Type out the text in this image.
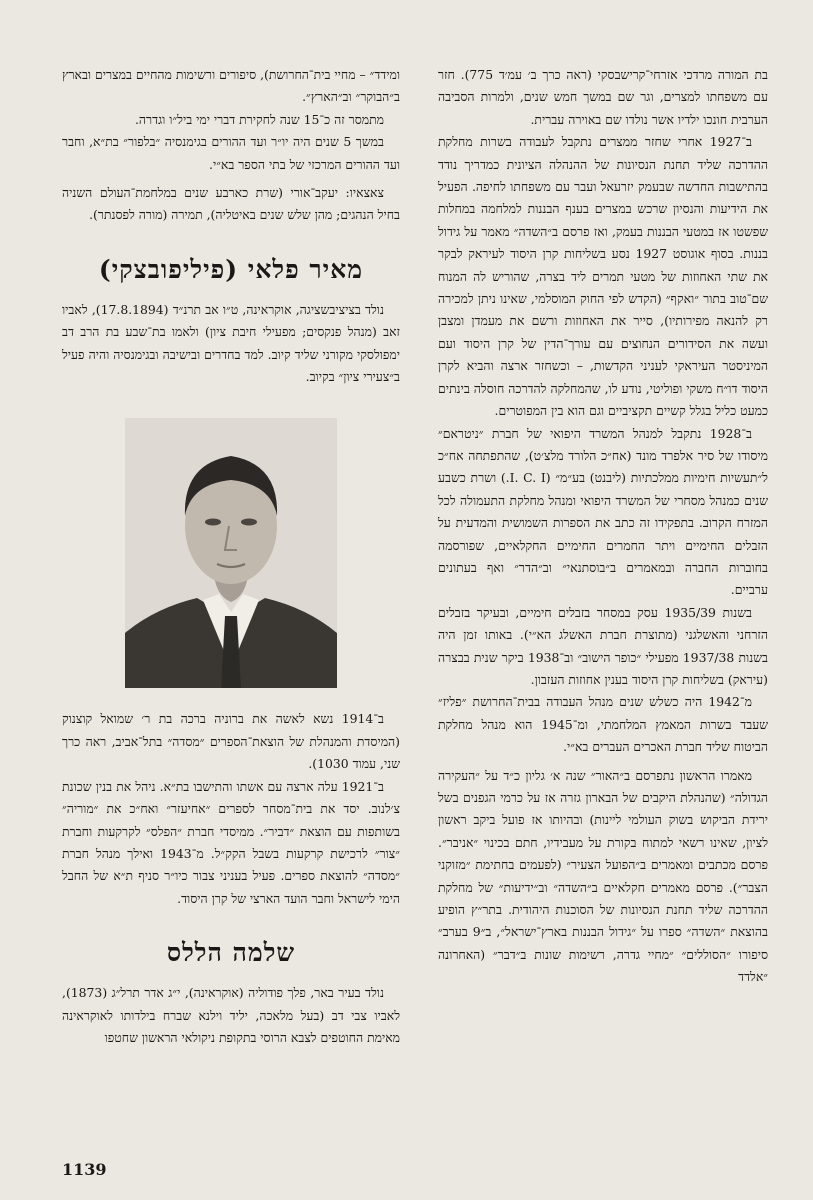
בת המורה מרדכי אזרחי־קרישבסקי (ראה כרך ב׳ עמ׳ד 775). חזר עם משפחתו למצרים, וגר שם במשך חמש שנים, ולמרות הסביבה הערבית חונכו ילדיו אשר נולדו שם באוירה עברית.

ב־1927 אחרי שחזר ממצרים נתקבל לעבודה בשרות מחלקת ההדרכה שליד תחנת הנסיונות של ההנהלה הציונית כמדריך נודד בהתישבות החדשה שבעמק יזרעאל ועבר עם משפחתו לחיפה. הפעיל את הידיעות והנסיון שרכש במצרים בענף הבננות למלחמה במחלות שפשטו אז במטעי הבננות בעמק, ואז פרסם ב״השדה״ מאמר על גידול בננות. בסוף אוגוסט 1927 נסע בשליחות קרן היסוד לעיראק לבקר את שתי האחוזות של מטעי תמרים ליד בצרה, שהוריש לה המנוח שם־טוב בתור ״ואקף״ (הקדש לפי החוק המוסלמי, שאינו ניתן למכירה רק להנאה מפירותיו), סייר את האחוזות ורשם את מעמדן ומצבן ועשה את הסידורים הנחוצים עם עורך־הדין של קרן היסוד ועם המיניסטר העיראקי לעניני הקדשות, – וכשחזר ארצה והביא לקרן היסוד דו״ח משקי ופוליטי, נודע לו, שהמחלקה להדרכה חוסלה בינתים כמעט כליל בגלל קשיים תקציביים וגם הוא בין המפוטרים.

ב־1928 נתקבל למנהל המשרד היפואי של חברת ״ניטראם״ מיסודו של סיר אלפרד מונד (אח״כ הלורד מלצ׳ט), שהתפתחה אח״כ ל״תעשיות חימיות ממלכתיות (ליבנט) בע״מ״ (I. C. I.) ושרת כשבע שנים כמנהל מסחרי של המשרד היפואי ומנהל מחלקת התעמולה לכל המזרח הקרוב. בתפקידו זה כתב את הספרות השמושית והמדעית על הזבלים החימיים ויתר החמרים החימיים החקלאיים, שפורסמה בחוברות החברה ובמאמרים ב״בוסתנאי״ וב״הדר״ ואף בעתונים ערביים.

בשנות 1935/39 עסק במסחר בזבלים חימיים, ובעיקר בזבלים הזרחני והאשלגני (מתוצרת חברת האשלג הא״י). באותו זמן היה בשנות 1937/38 מפעילי ״כופר הישוב״ וב־1938 ביקר שנית בבצרה (עיראק) בשליחות קרן היסוד בענין אחוזות העזבון.

מ־1942 היה כשלש שנים מנהל העבודה בבית־החרושת ״פליז״ שעבד בשרות המאמץ המלחמתי, ומ־1945 הוא מנהל מחלקת הביטוח שליד חברת האכרים העברים בא״י.

מאמרו הראשון נתפרסם ב״האור״ שנה א׳ גליון כ״ד על ״העקירה הגדולה״ (שהנהלת היקבים של הבארון גזרה אז על כרמי הגפנים בשל ירידת הביקוש בשוק העולמי ליינות) ובהיותו אז פועל ביקב ראשון לציון, שאינו רשאי למתוח בקורת על מעבידיו, חתם בכינוי ״אניבר״. פרסם מכתבים ומאמרים ב״הפועל הצעיר״ (לפעמים בחתימת ״מזוקני הצבר״). פרסם מאמרים חקלאיים ב״השדה״ וב״ידיעות״ של מחלקת ההדרכה שליד תחנת הנסיונות של הסוכנות היהודית. בתר״ץ הופיע בהוצאת ״השדה״ ספרו על ״גידול הבננות בארץ־ישראל״, ב״9 בערב״ סיפורו ״הסוללים״ ״מחיי גדרה, רשימות שונות ב״דבר״ (האחרונה ״אלדד

ומידד״ – מחיי בית־החרושת), סיפורים ורשימות מהחיים במצרים ובארץ ב״הבוקר״ וב״הארץ״.

מתמסר זה כ־15 שנה לחקירת דברי ימי ביל״ו וגדרה.

במשך 5 שנים היה יו״ר ועד ההורים בגימנסיה ״בלפור״ בת״א, וחבר ועד ההורים המרכזי של בתי הספר בא״י.

צאצאיו: יעקב־אורי (שרת כארבע שנים במלחמת־העולם השניה בחיל הנהגים; מהן שלש שנים באיטליה), תמירה (מורה לפסנתר).

מאיר פלאי (פיליפובצקי)

נולד בציציבשציגה, אוקראינה, ט״ו אב תרנ״ד (17.8.1894), לאביו זאב (מנהל פנקסים; מפעילי חיבת ציון) ולאמו בת־שבע בת הרב דב ימפולסקי מקורני שליד קיוב. למד בחדרים ובישיבה ובגימנסיה והיה פעיל ב״צעירי ציון״ בקיוב.

ב־1914 נשא לאשה את ברוניה ברכה בת ר׳ שמואל קוצנוק (המיסדת והמנהלת של הוצאת־הספרים ״מסדה״ בתל־אביב, ראה כרך שני, עמוד 1030).

ב־1921 עלה ארצה עם אשתו והתישבו בת״א. ניהל את בנין שכונת צ׳לנוב. יסד את בית־מסחר לספרים ״אחיעזר״ ואח״כ את ״מוריה״ בשותפות עם הוצאת ״דביר״. ממיסדי חברת ״הפלס״ לקרקעות וחברת ״צור״ לרכישת קרקעות בשבל הקק״ל. מ־1943 ואילך מנהל חברת ״מסדה״ להוצאת ספרים. פעיל בעניני צבור כיו״ר סניף ת״א של החבל הימי לישראל וחבר הועד הארצי של קרן היסוד.

שלמה הללס

נולד בעיר באר, פלך פודוליה (אוקראינה), י״ג אדר תרל״ג (1873), לאביו צבי דב (בעל מלאכה, יליד וילנא שברח בילדותו לאוקראינה מאימת החוטפים לצבא הרוסי בתקופת ניקולאי הראשון שחטפו

1139
